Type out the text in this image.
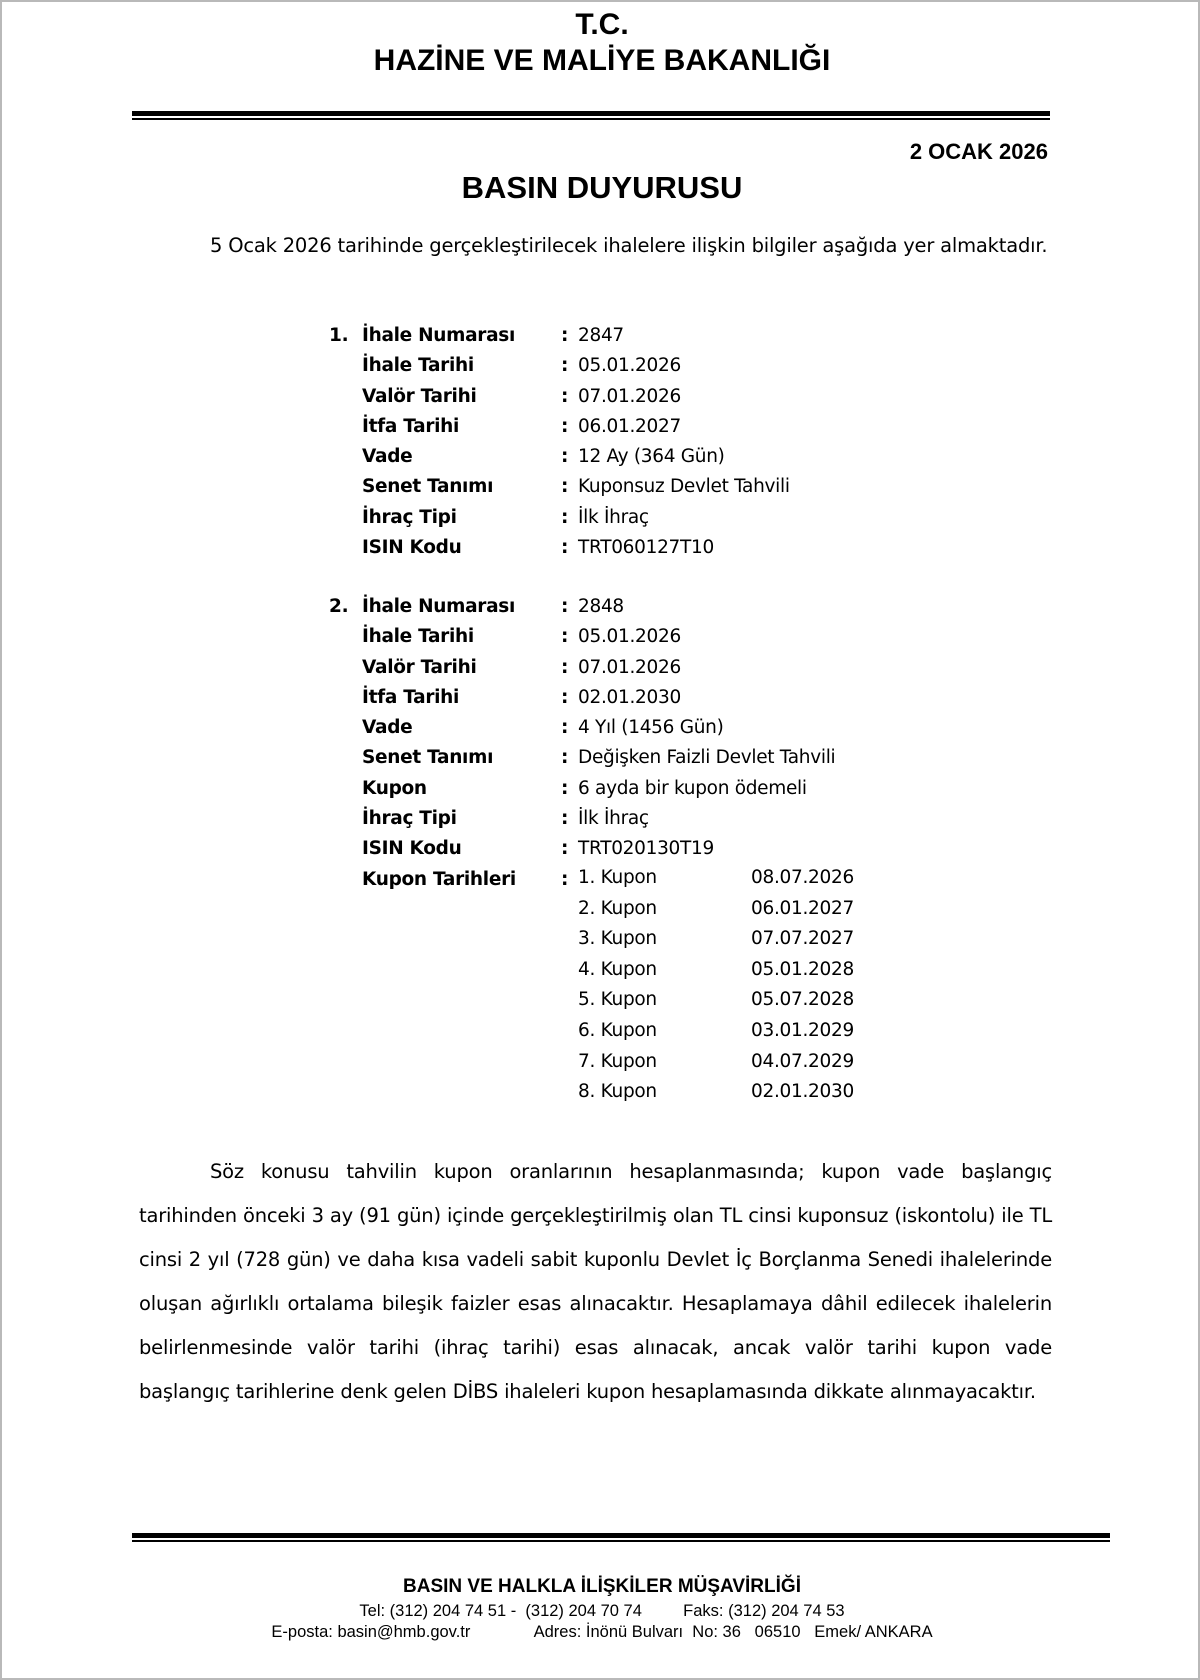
T.C.
HAZİNE VE MALİYE BAKANLIĞI
2 OCAK 2026
BASIN DUYURUSU

5 Ocak 2026 tarihinde gerçekleştirilecek ihalelere ilişkin bilgiler aşağıda yer almaktadır.

1. İhale Numarası : 2847
İhale Tarihi	: 05.01.2026
Valör Tarihi	: 07.01.2026
İtfa Tarihi	: 06.01.2027
Vade	: 12 Ay (364 Gün)
Senet Tanımı	: Kuponsuz Devlet Tahvili
İhraç Tipi	: İlk İhraç
ISIN Kodu	: TRT060127T10
2. İhale Numarası : 2848
İhale Tarihi	: 05.01.2026
Valör Tarihi	: 07.01.2026
İtfa Tarihi	: 02.01.2030
Vade	: 4 Yıl (1456 Gün)
Senet Tanımı	: Değişken Faizli Devlet Tahvili
Kupon	: 6 ayda bir kupon ödemeli
İhraç Tipi	: İlk İhraç
ISIN Kodu	: TRT020130T19
Kupon Tarihleri : 1. Kupon	08.07.2026
2. Kupon	06.01.2027
3. Kupon	07.07.2027
4. Kupon	05.01.2028
5. Kupon	05.07.2028
6. Kupon	03.01.2029
7. Kupon	04.07.2029
8. Kupon	02.01.2030

Söz konusu tahvilin kupon oranlarının hesaplanmasında; kupon vade başlangıç tarihinden önceki 3 ay (91 gün) içinde gerçekleştirilmiş olan TL cinsi kuponsuz (iskontolu) ile TL cinsi 2 yıl (728 gün) ve daha kısa vadeli sabit kuponlu Devlet İç Borçlanma Senedi ihalelerinde oluşan ağırlıklı ortalama bileşik faizler esas alınacaktır. Hesaplamaya dâhil edilecek ihalelerin belirlenmesinde valör tarihi (ihraç tarihi) esas alınacak, ancak valör tarihi kupon vade başlangıç tarihlerine denk gelen DİBS ihaleleri kupon hesaplamasında dikkate alınmayacaktır.

BASIN VE HALKLA İLİŞKİLER MÜŞAVİRLİĞİ
Tel: (312) 204 74 51 -  (312) 204 70 74         Faks: (312) 204 74 53
E-posta: basin@hmb.gov.tr              Adres: İnönü Bulvarı  No: 36   06510   Emek/ ANKARA
